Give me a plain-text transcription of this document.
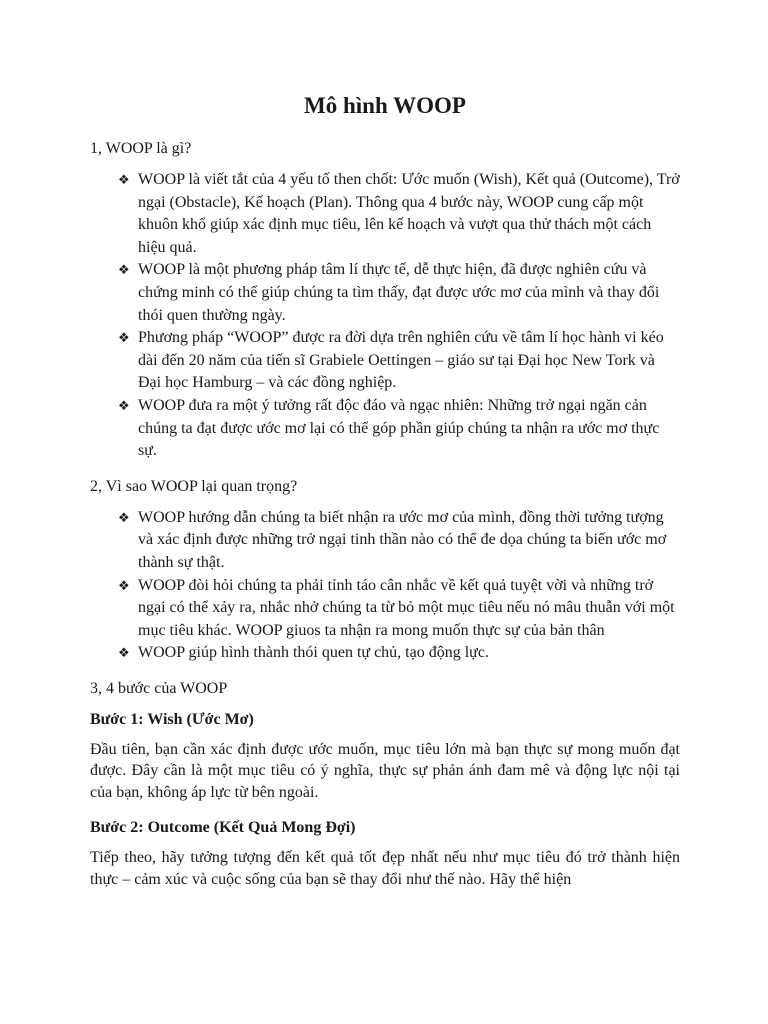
Mô hình WOOP
1, WOOP là gì?
❖ WOOP là viết tắt của 4 yếu tố then chốt: Ước muốn (Wish), Kết quả (Outcome), Trở ngại (Obstacle), Kế hoạch (Plan). Thông qua 4 bước này, WOOP cung cấp một khuôn khổ giúp xác định mục tiêu, lên kế hoạch và vượt qua thử thách một cách hiệu quả.
❖ WOOP là một phương pháp tâm lí thực tế, dễ thực hiện, đã được nghiên cứu và chứng minh có thể giúp chúng ta tìm thấy, đạt được ước mơ của mình và thay đổi thói quen thường ngày.
❖ Phương pháp “WOOP” được ra đời dựa trên nghiên cứu về tâm lí học hành vi kéo dài đến 20 năm của tiến sĩ Grabiele Oettingen – giáo sư tại Đại học New Tork và Đại học Hamburg – và các đồng nghiệp.
❖ WOOP đưa ra một ý tưởng rất độc đáo và ngạc nhiên: Những trở ngại ngăn cản chúng ta đạt được ước mơ lại có thể góp phần giúp chúng ta nhận ra ước mơ thực sự.
2, Vì sao WOOP lại quan trọng?
❖ WOOP hướng dẫn chúng ta biết nhận ra ước mơ của mình, đồng thời tưởng tượng và xác định được những trở ngại tinh thần nào có thể đe dọa chúng ta biến ước mơ thành sự thật.
❖ WOOP đòi hỏi chúng ta phải tỉnh táo cân nhắc về kết quả tuyệt vời và những trở ngại có thể xảy ra, nhắc nhở chúng ta từ bỏ một mục tiêu nếu nó mâu thuẫn với một mục tiêu khác. WOOP giuos ta nhận ra mong muốn thực sự của bản thân
❖ WOOP giúp hình thành thói quen tự chủ, tạo động lực.
3, 4 bước của WOOP
Bước 1: Wish (Ước Mơ)

Đầu tiên, bạn cần xác định được ước muốn, mục tiêu lớn mà bạn thực sự mong muốn đạt được. Đây cần là một mục tiêu có ý nghĩa, thực sự phản ánh đam mê và động lực nội tại của bạn, không áp lực từ bên ngoài.

Bước 2: Outcome (Kết Quả Mong Đợi)

Tiếp theo, hãy tưởng tượng đến kết quả tốt đẹp nhất nếu như mục tiêu đó trở thành hiện thực – cảm xúc và cuộc sống của bạn sẽ thay đổi như thế nào. Hãy thể hiện
